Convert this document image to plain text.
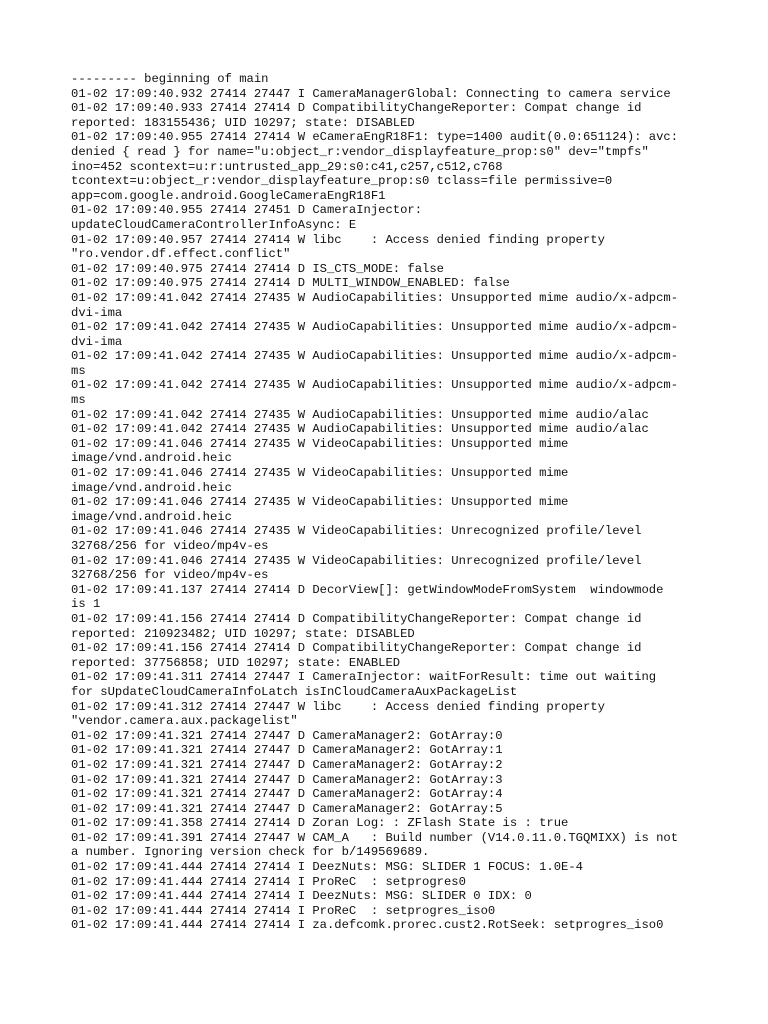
--------- beginning of main
01-02 17:09:40.932 27414 27447 I CameraManagerGlobal: Connecting to camera service
01-02 17:09:40.933 27414 27414 D CompatibilityChangeReporter: Compat change id
reported: 183155436; UID 10297; state: DISABLED
01-02 17:09:40.955 27414 27414 W eCameraEngR18F1: type=1400 audit(0.0:651124): avc:
denied { read } for name="u:object_r:vendor_displayfeature_prop:s0" dev="tmpfs"
ino=452 scontext=u:r:untrusted_app_29:s0:c41,c257,c512,c768
tcontext=u:object_r:vendor_displayfeature_prop:s0 tclass=file permissive=0
app=com.google.android.GoogleCameraEngR18F1
01-02 17:09:40.955 27414 27451 D CameraInjector:
updateCloudCameraControllerInfoAsync: E
01-02 17:09:40.957 27414 27414 W libc    : Access denied finding property
"ro.vendor.df.effect.conflict"
01-02 17:09:40.975 27414 27414 D IS_CTS_MODE: false
01-02 17:09:40.975 27414 27414 D MULTI_WINDOW_ENABLED: false
01-02 17:09:41.042 27414 27435 W AudioCapabilities: Unsupported mime audio/x-adpcm-
dvi-ima
01-02 17:09:41.042 27414 27435 W AudioCapabilities: Unsupported mime audio/x-adpcm-
dvi-ima
01-02 17:09:41.042 27414 27435 W AudioCapabilities: Unsupported mime audio/x-adpcm-
ms
01-02 17:09:41.042 27414 27435 W AudioCapabilities: Unsupported mime audio/x-adpcm-
ms
01-02 17:09:41.042 27414 27435 W AudioCapabilities: Unsupported mime audio/alac
01-02 17:09:41.042 27414 27435 W AudioCapabilities: Unsupported mime audio/alac
01-02 17:09:41.046 27414 27435 W VideoCapabilities: Unsupported mime
image/vnd.android.heic
01-02 17:09:41.046 27414 27435 W VideoCapabilities: Unsupported mime
image/vnd.android.heic
01-02 17:09:41.046 27414 27435 W VideoCapabilities: Unsupported mime
image/vnd.android.heic
01-02 17:09:41.046 27414 27435 W VideoCapabilities: Unrecognized profile/level
32768/256 for video/mp4v-es
01-02 17:09:41.046 27414 27435 W VideoCapabilities: Unrecognized profile/level
32768/256 for video/mp4v-es
01-02 17:09:41.137 27414 27414 D DecorView[]: getWindowModeFromSystem  windowmode
is 1
01-02 17:09:41.156 27414 27414 D CompatibilityChangeReporter: Compat change id
reported: 210923482; UID 10297; state: DISABLED
01-02 17:09:41.156 27414 27414 D CompatibilityChangeReporter: Compat change id
reported: 37756858; UID 10297; state: ENABLED
01-02 17:09:41.311 27414 27447 I CameraInjector: waitForResult: time out waiting
for sUpdateCloudCameraInfoLatch isInCloudCameraAuxPackageList
01-02 17:09:41.312 27414 27447 W libc    : Access denied finding property
"vendor.camera.aux.packagelist"
01-02 17:09:41.321 27414 27447 D CameraManager2: GotArray:0
01-02 17:09:41.321 27414 27447 D CameraManager2: GotArray:1
01-02 17:09:41.321 27414 27447 D CameraManager2: GotArray:2
01-02 17:09:41.321 27414 27447 D CameraManager2: GotArray:3
01-02 17:09:41.321 27414 27447 D CameraManager2: GotArray:4
01-02 17:09:41.321 27414 27447 D CameraManager2: GotArray:5
01-02 17:09:41.358 27414 27414 D Zoran Log: : ZFlash State is : true
01-02 17:09:41.391 27414 27447 W CAM_A   : Build number (V14.0.11.0.TGQMIXX) is not
a number. Ignoring version check for b/149569689.
01-02 17:09:41.444 27414 27414 I DeezNuts: MSG: SLIDER 1 FOCUS: 1.0E-4
01-02 17:09:41.444 27414 27414 I ProReC  : setprogres0
01-02 17:09:41.444 27414 27414 I DeezNuts: MSG: SLIDER 0 IDX: 0
01-02 17:09:41.444 27414 27414 I ProReC  : setprogres_iso0
01-02 17:09:41.444 27414 27414 I za.defcomk.prorec.cust2.RotSeek: setprogres_iso0
